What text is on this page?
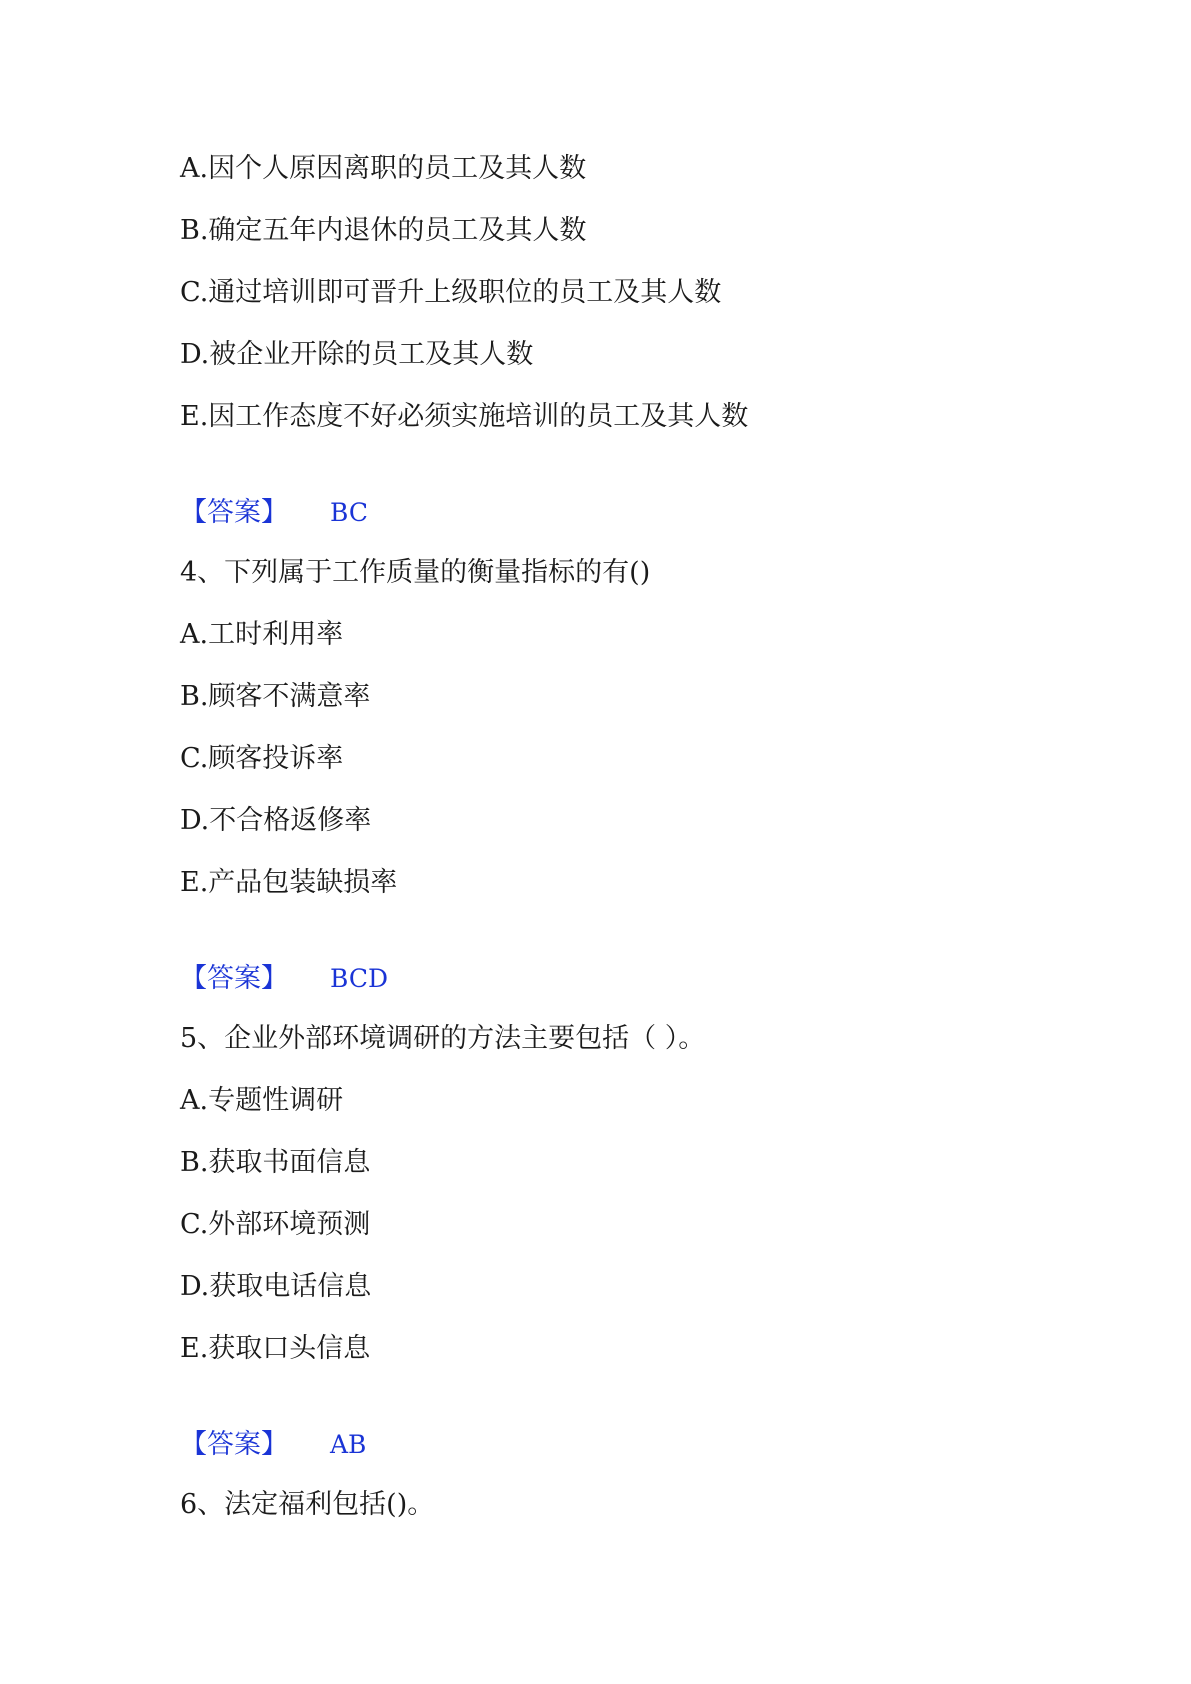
A.因个人原因离职的员工及其人数
B.确定五年内退休的员工及其人数
C.通过培训即可晋升上级职位的员工及其人数
D.被企业开除的员工及其人数
E.因工作态度不好必须实施培训的员工及其人数
【答案】 BC
4、下列属于工作质量的衡量指标的有()
A.工时利用率
B.顾客不满意率
C.顾客投诉率
D.不合格返修率
E.产品包装缺损率
【答案】 BCD
5、企业外部环境调研的方法主要包括（ ）。
A.专题性调研
B.获取书面信息
C.外部环境预测
D.获取电话信息
E.获取口头信息
【答案】 AB
6、法定福利包括()。
